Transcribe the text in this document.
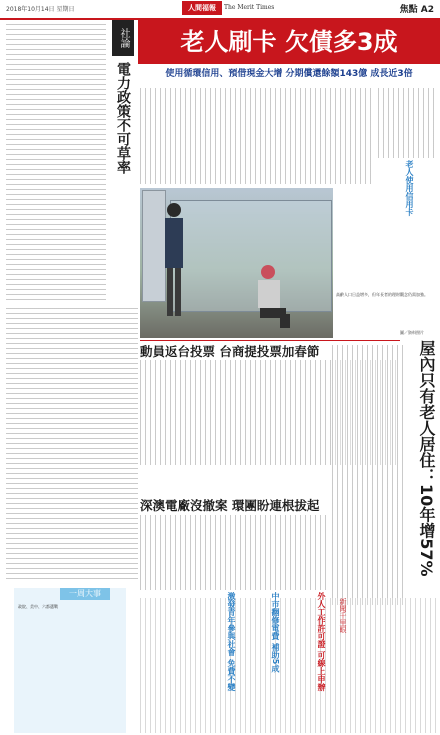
2018年10月14日 星期日	人間福報	The Merit Times	焦點 A2
老人刷卡 欠債多3成
使用循環信用、預借現金大增 分期償還餘額143億 成長近3倍
社論
電力政策不可草率
高齡人口日益增多，但年長者的理財觀念仍需加強。
圖／資料照片
老人使用信用卡
動員返台投票 台商提投票加春節
深澳電廠沒撤案 環團盼連根拔起	屋內只有老人居住：10年增57%
一周大事
政院、美中、六都選戰	激發青年參與社會 免費不變	中市翻修電費 補助5成	外人工作許可證 可線上申辦	新聞千里眼
